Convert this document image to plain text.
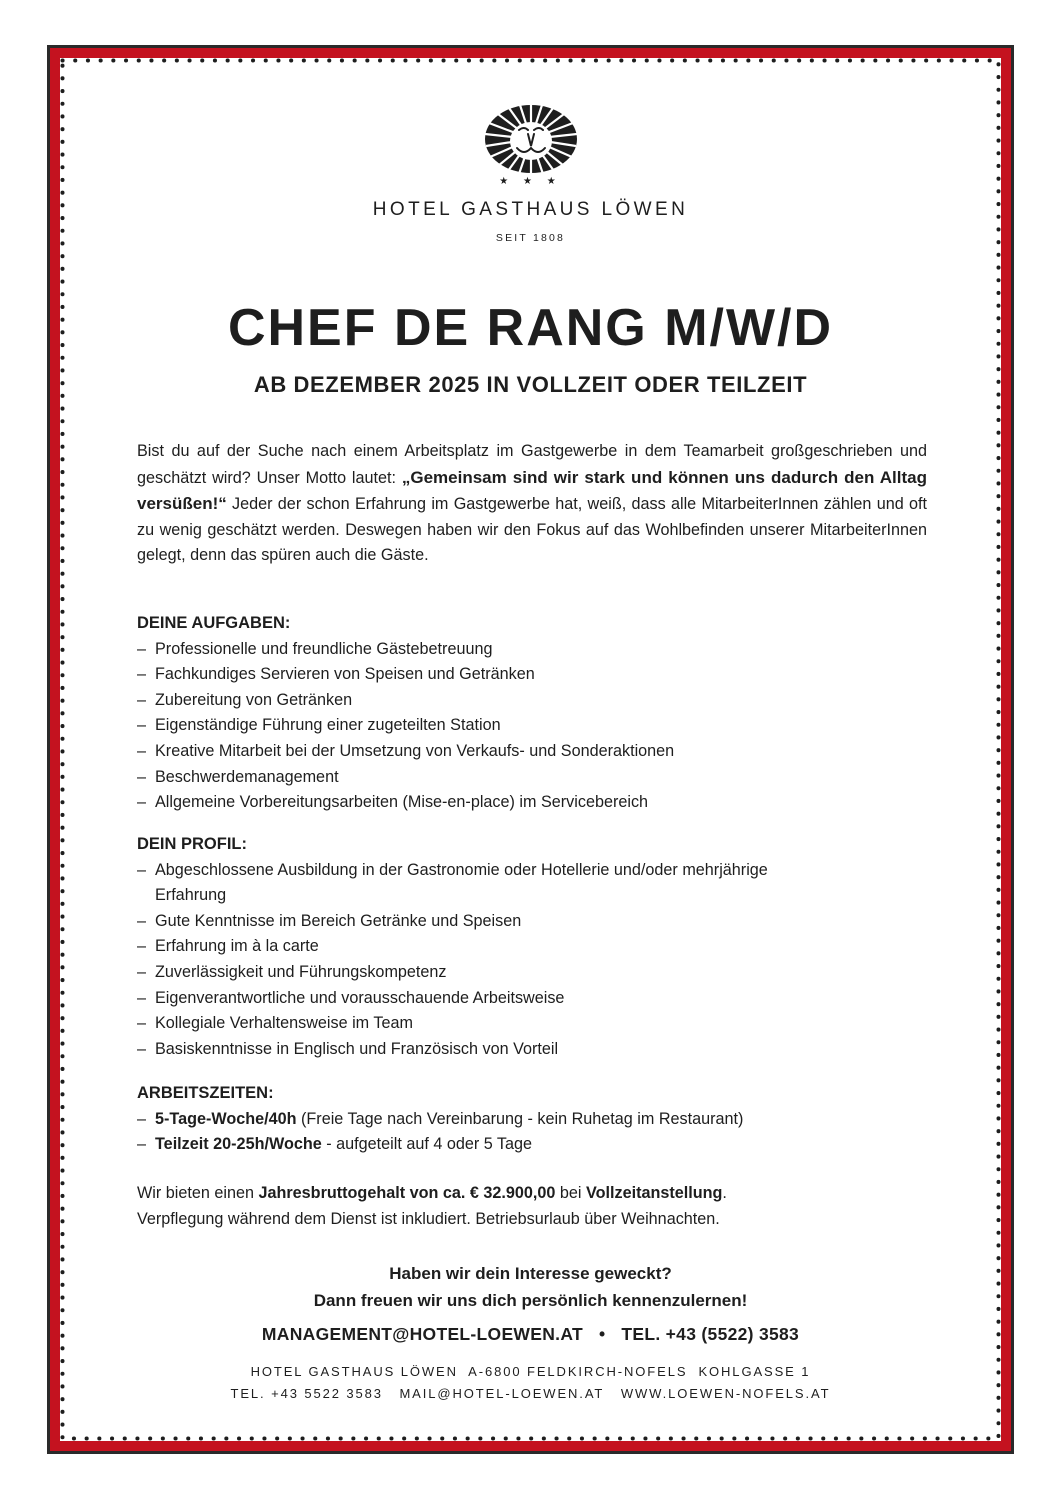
★ ★ ★
HOTEL GASTHAUS LÖWEN
SEIT 1808
CHEF DE RANG M/W/D
AB DEZEMBER 2025 IN VOLLZEIT ODER TEILZEIT

Bist du auf der Suche nach einem Arbeitsplatz im Gastgewerbe in dem Teamarbeit großgeschrieben und geschätzt wird? Unser Motto lautet: „Gemeinsam sind wir stark und können uns dadurch den Alltag versüßen!“ Jeder der schon Erfahrung im Gastgewerbe hat, weiß, dass alle MitarbeiterInnen zählen und oft zu wenig geschätzt werden. Deswegen haben wir den Fokus auf das Wohlbefinden unserer MitarbeiterInnen gelegt, denn das spüren auch die Gäste.

DEINE AUFGABEN:

– Professionelle und freundliche Gästebetreuung
– Fachkundiges Servieren von Speisen und Getränken
– Zubereitung von Getränken
– Eigenständige Führung einer zugeteilten Station
– Kreative Mitarbeit bei der Umsetzung von Verkaufs- und Sonderaktionen
– Beschwerdemanagement
– Allgemeine Vorbereitungsarbeiten (Mise-en-place) im Servicebereich

DEIN PROFIL:

– Abgeschlossene Ausbildung in der Gastronomie oder Hotellerie und/oder mehrjährige Erfahrung
– Gute Kenntnisse im Bereich Getränke und Speisen
– Erfahrung im à la carte
– Zuverlässigkeit und Führungskompetenz
– Eigenverantwortliche und vorausschauende Arbeitsweise
– Kollegiale Verhaltensweise im Team
– Basiskenntnisse in Englisch und Französisch von Vorteil

ARBEITSZEITEN:

– 5-Tage-Woche/40h (Freie Tage nach Vereinbarung - kein Ruhetag im Restaurant)
– Teilzeit 20-25h/Woche - aufgeteilt auf 4 oder 5 Tage
Wir bieten einen Jahresbruttogehalt von ca. € 32.900,00 bei Vollzeitanstellung.
Verpflegung während dem Dienst ist inkludiert. Betriebsurlaub über Weihnachten.
Haben wir dein Interesse geweckt?
Dann freuen wir uns dich persönlich kennenzulernen!
MANAGEMENT@HOTEL-LOEWEN.AT • TEL. +43 (5522) 3583
HOTEL GASTHAUS LÖWEN  A-6800 FELDKIRCH-NOFELS  KOHLGASSE 1
TEL. +43 5522 3583 MAIL@HOTEL-LOEWEN.AT WWW.LOEWEN-NOFELS.AT
